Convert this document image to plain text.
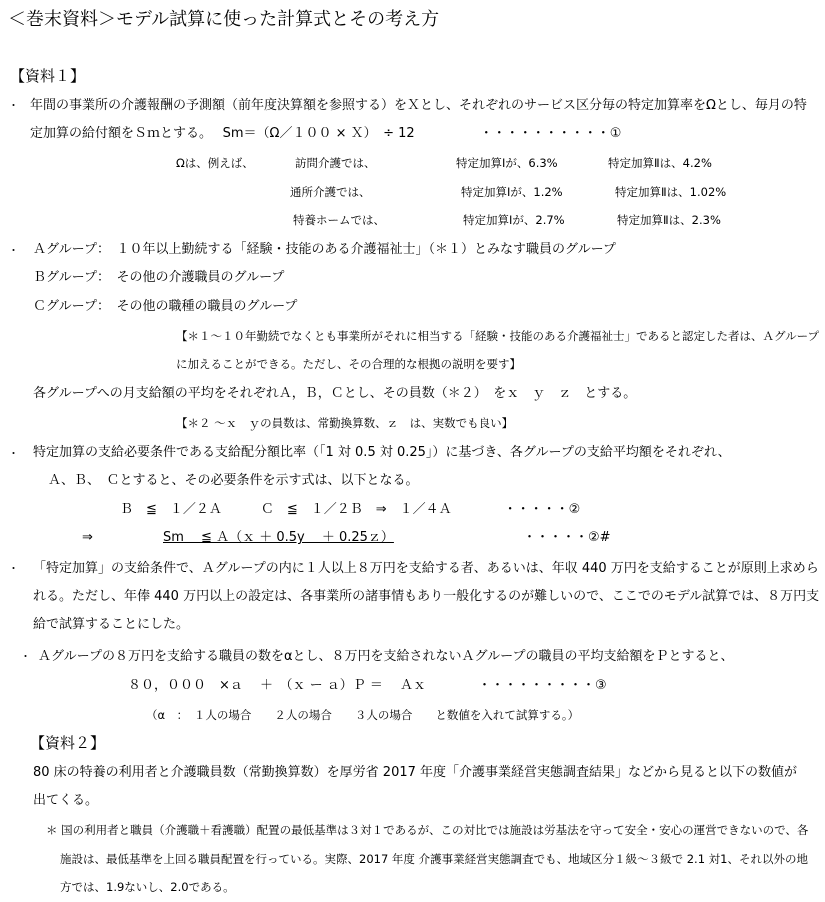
＜巻末資料＞モデル試算に使った計算式とその考え方
【資料１】
・ 年間の事業所の介護報酬の予測額（前年度決算額を参照する）をＸとし、それぞれのサービス区分毎の特定加算率をΩとし、毎月の特
定加算の給付額をＳｍとする。　 Sm＝（Ω／１００ × Ｘ）　÷ 12　　　　　・・・・・・・・・・①
Ωは、例えば、	訪問介護では、	特定加算Ⅰが、6.3%	特定加算Ⅱは、4.2%
通所介護では、	特定加算Ⅰが、1.2%	特定加算Ⅱは、1.02%
特養ホームでは、	特定加算Ⅰが、2.7%	特定加算Ⅱは、2.3%
・ Ａグループ：　１０年以上勤続する「経験・技能のある介護福祉士」（＊１）とみなす職員のグループ
Ｂグループ：　その他の介護職員のグループ
Ｃグループ：　その他の職種の職員のグループ
【＊１～１０年勤続でなくとも事業所がそれに相当する「経験・技能のある介護福祉士」であると認定した者は、Ａグループ
に加えることができる。ただし、その合理的な根拠の説明を要す】
各グループへの月支給額の平均をそれぞれＡ，Ｂ，Ｃとし、その員数（＊２）　をｘ　ｙ　ｚ　とする。
【＊２ ～ｘ　ｙの員数は、常勤換算数、ｚ　は、実数でも良い】
・ 特定加算の支給必要条件である支給配分額比率（「1 対 0.5 対 0.25」）に基づき、各グループの支給平均額をそれぞれ、
Ａ、Ｂ、　Ｃとすると、その必要条件を示す式は、以下となる。
Ｂ　≦　１／２Ａ　　　Ｃ　≦　１／２Ｂ　⇒　１／４Ａ　　　　・・・・・②
⇒	Sm　 ≦ Ａ（ｘ ＋ 0.5y　 ＋ 0.25ｚ）	・・・・・②#
・ 「特定加算」の支給条件で、Ａグループの内に１人以上８万円を支給する者、あるいは、年収 440 万円を支給することが原則上求めら
れる。ただし、年俸 440 万円以上の設定は、各事業所の諸事情もあり一般化するのが難しいので、ここでのモデル試算では、８万円支
給で試算することにした。
・ Ａグループの８万円を支給する職員の数をαとし、８万円を支給されないＡグループの職員の平均支給額をＰとすると、
８０，０００　×ａ　 ＋　（ｘ ー ａ）Ｐ ＝　 Ａｘ　　　　・・・・・・・・・③
（α　：　１人の場合　　２人の場合　　３人の場合　　と数値を入れて試算する。）
【資料２】
80 床の特養の利用者と介護職員数（常勤換算数）を厚労省 2017 年度「介護事業経営実態調査結果」などから見ると以下の数値が
出てくる。
＊ 国の利用者と職員（介護職＋看護職）配置の最低基準は３対１であるが、この対比では施設は労基法を守って安全・安心の運営できないので、各
施設は、最低基準を上回る職員配置を行っている。実際、2017 年度 介護事業経営実態調査でも、地域区分１級～３級で 2.1 対1、それ以外の地
方では、1.9ないし、2.0である。
